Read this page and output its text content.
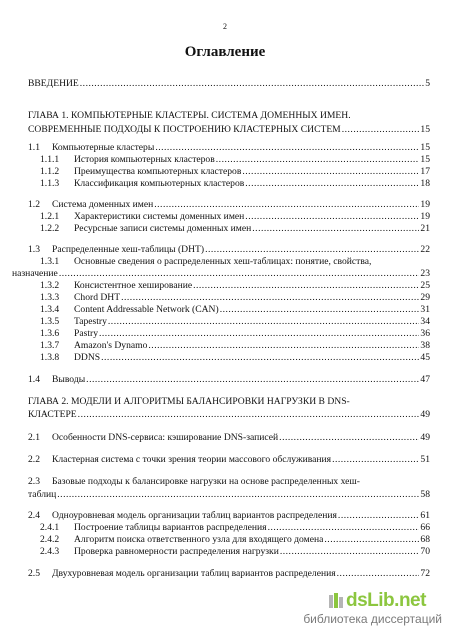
2
Оглавление
ВВЕДЕНИЕ .....	5
ГЛАВА 1. КОМПЬЮТЕРНЫЕ КЛАСТЕРЫ. СИСТЕМА ДОМЕННЫХ ИМЕН.
СОВРЕМЕННЫЕ ПОДХОДЫ К ПОСТРОЕНИЮ КЛАСТЕРНЫХ СИСТЕМ .....	15
1.1	Компьютерные кластеры .....	15
1.1.1	История компьютерных кластеров .....	15
1.1.2	Преимущества компьютерных кластеров .....	17
1.1.3	Классификация компьютерных кластеров .....	18
1.2	Система доменных имен .....	19
1.2.1	Характеристики системы доменных имен .....	19
1.2.2	Ресурсные записи системы доменных имен .....	21
1.3	Распределенные хеш-таблицы (DHT) .....	22
1.3.1	Основные сведения о распределенных хеш-таблицах: понятие, свойства,
назначение .....	23
1.3.2	Консистентное хеширование .....	25
1.3.3	Chord DHT .....	29
1.3.4	Content Addressable Network (CAN) .....	31
1.3.5	Tapestry .....	34
1.3.6	Pastry .....	36
1.3.7	Amazon's Dynamo .....	38
1.3.8	DDNS .....	45
1.4	Выводы .....	47
ГЛАВА 2. МОДЕЛИ И АЛГОРИТМЫ БАЛАНСИРОВКИ НАГРУЗКИ В DNS-
КЛАСТЕРЕ .....	49
2.1	Особенности DNS-сервиса: кэширование DNS-записей .....	49
2.2	Кластерная система с точки зрения теории массового обслуживания .....	51
2.3	Базовые подходы к балансировке нагрузки на основе распределенных хеш-
таблиц .....	58
2.4	Одноуровневая модель организации таблиц вариантов распределения .....	61
2.4.1	Построение таблицы вариантов распределения .....	66
2.4.2	Алгоритм поиска ответственного узла для входящего домена .....	68
2.4.3	Проверка равномерности распределения нагрузки .....	70
2.5	Двухуровневая модель организации таблиц вариантов распределения .....	72
dsLib.net
библиотека диссертаций
